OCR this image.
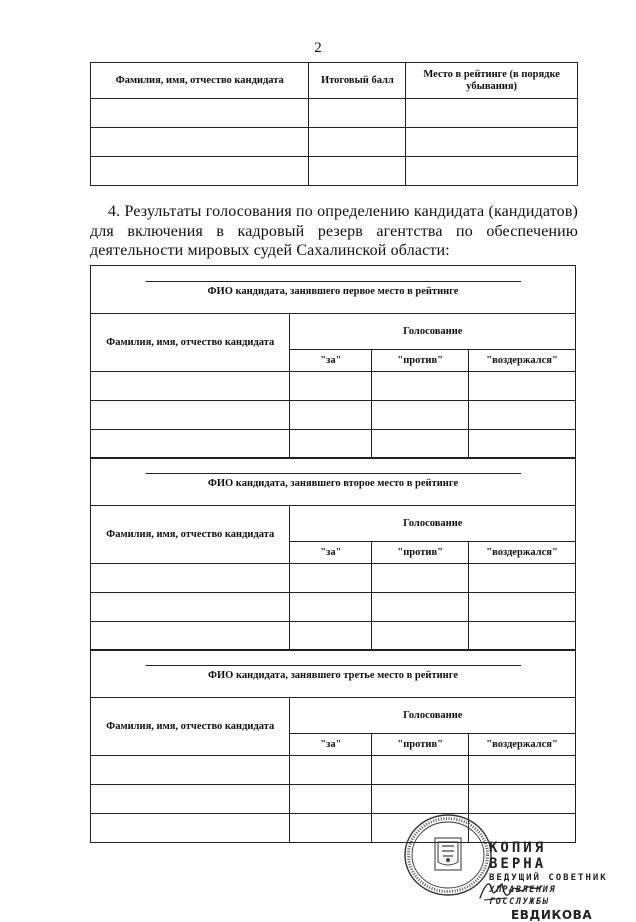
2
Фамилия, имя, отчество кандидата	Итоговый балл	Место в рейтинге (в порядке убывания)

4. Результаты голосования по определению кандидата (кандидатов) для включения в кадровый резерв агентства по обеспечению деятельности мировых судей Сахалинской области:
ФИО кандидата, занявшего первое место в рейтинге			

Фамилия, имя, отчество кандидата	Голосование		
	"за"	"против"	"воздержался"

ФИО кандидата, занявшего второе место в рейтинге			

Фамилия, имя, отчество кандидата	Голосование		
	"за"	"против"	"воздержался"

ФИО кандидата, занявшего третье место в рейтинге			

Фамилия, имя, отчество кандидата	Голосование		
	"за"	"против"	"воздержался"

КОПИЯ ВЕРНА
ВЕДУЩИЙ СОВЕТНИК
УПРАВЛЕНИЯ ГОССЛУЖБЫ
ЕВДИКОВА
